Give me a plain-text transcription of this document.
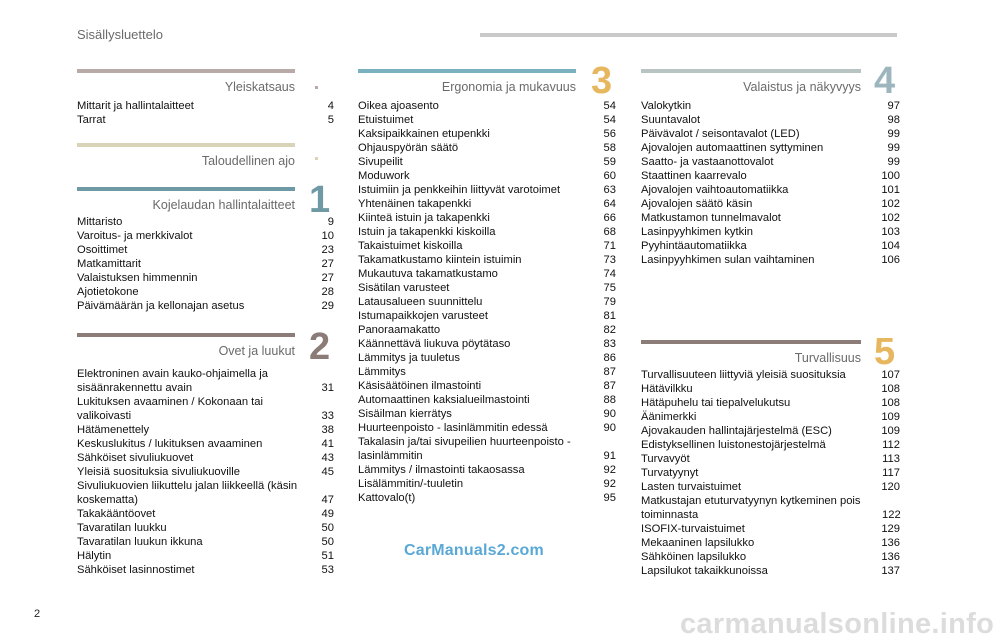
Sisällysluettelo
Yleiskatsaus
Mittarit ja hallintalaitteet	4
Tarrat	5
Taloudellinen ajo
Kojelaudan hallintalaitteet 1
Mittaristo	9
Varoitus- ja merkkivalot	10
Osoittimet	23
Matkamittarit	27
Valaistuksen himmennin	27
Ajotietokone	28
Päivämäärän ja kellonajan asetus	29
Ovet ja luukut 2
Elektroninen avain kauko-ohjaimella ja sisäänrakennettu avain	31
Lukituksen avaaminen / Kokonaan tai valikoivasti	33
Hätämenettely	38
Keskuslukitus / lukituksen avaaminen	41
Sähköiset sivuliukuovet	43
Yleisiä suosituksia sivuliukuoville	45
Sivuliukuovien liikuttelu jalan liikkeellä (käsin koskematta)	47
Takakääntöovet	49
Tavaratilan luukku	50
Tavaratilan luukun ikkuna	50
Hälytin	51
Sähköiset lasinnostimet	53
Ergonomia ja mukavuus 3
Oikea ajoasento	54
Etuistuimet	54
Kaksipaikkainen etupenkki	56
Ohjauspyörän säätö	58
Sivupeilit	59
Moduwork	60
Istuimiin ja penkkeihin liittyvät varotoimet	63
Yhtenäinen takapenkki	64
Kiinteä istuin ja takapenkki	66
Istuin ja takapenkki kiskoilla	68
Takaistuimet kiskoilla	71
Takamatkustamo kiintein istuimin	73
Mukautuva takamatkustamo	74
Sisätilan varusteet	75
Latausalueen suunnittelu	79
Istumapaikkojen varusteet	81
Panoraamakatto	82
Käännettävä liukuva pöytätaso	83
Lämmitys ja tuuletus	86
Lämmitys	87
Käsisäätöinen ilmastointi	87
Automaattinen kaksialueilmastointi	88
Sisäilman kierrätys	90
Huurteenpoisto - lasinlämmitin edessä	90
Takalasin ja/tai sivupeilien huurteenpoisto - lasinlämmitin	91
Lämmitys / ilmastointi takaosassa	92
Lisälämmitin/-tuuletin	92
Kattovalo(t)	95
Valaistus ja näkyvyys 4
Valokytkin	97
Suuntavalot	98
Päivävalot / seisontavalot (LED)	99
Ajovalojen automaattinen syttyminen	99
Saatto- ja vastaanottovalot	99
Staattinen kaarrevalo	100
Ajovalojen vaihtoautomatiikka	101
Ajovalojen säätö käsin	102
Matkustamon tunnelmavalot	102
Lasinpyyhkimen kytkin	103
Pyyhintäautomatiikka	104
Lasinpyyhkimen sulan vaihtaminen	106
Turvallisuus 5
Turvallisuuteen liittyviä yleisiä suosituksia	107
Hätävilkku	108
Hätäpuhelu tai tiepalvelukutsu	108
Äänimerkki	109
Ajovakauden hallintajärjestelmä (ESC)	109
Edistyksellinen luistonestojärjestelmä	112
Turvavyöt	113
Turvatyynyt	117
Lasten turvaistuimet	120
Matkustajan etuturvatyynyn kytkeminen pois toiminnasta	122
ISOFIX-turvaistuimet	129
Mekaaninen lapsilukko	136
Sähköinen lapsilukko	136
Lapsilukot takaikkunoissa	137
CarManuals2.com
carmanualsonline.info
2
